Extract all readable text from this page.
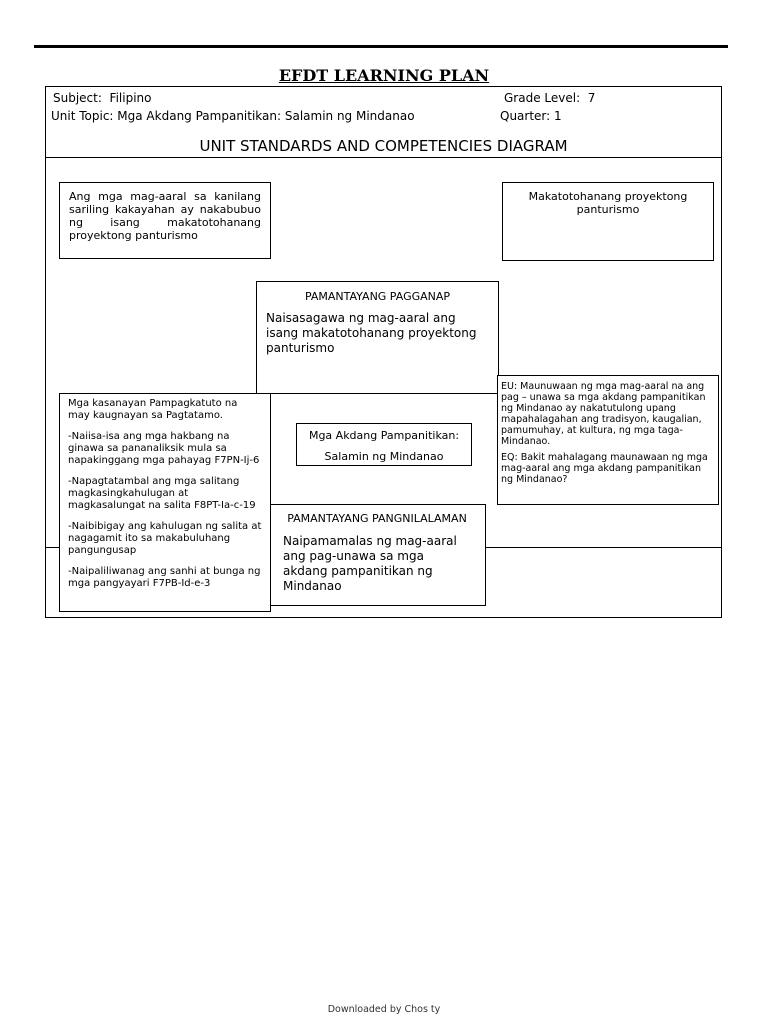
EFDT LEARNING PLAN
Subject: Filipino	Grade Level: 7
Unit Topic: Mga Akdang Pampanitikan: Salamin ng Mindanao	Quarter: 1
UNIT STANDARDS AND COMPETENCIES DIAGRAM

Ang mga mag-aaral sa kanilang sariling kakayahan ay nakabubuo ng isang makatotohanang proyektong panturismo

Makatotohanang proyektong panturismo

PAMANTAYANG PAGGANAP

Naisasagawa ng mag-aaral ang isang makatotohanang proyektong panturismo

EU: Maunuwaan ng mga mag-aaral na ang pag – unawa sa mga akdang pampanitikan ng Mindanao ay nakatutulong upang mapahalagahan ang tradisyon, kaugalian, pamumuhay, at kultura, ng mga taga-Mindanao.

EQ: Bakit mahalagang maunawaan ng mga mag-aaral ang mga akdang pampanitikan ng Mindanao?

Mga Akdang Pampanitikan:

Salamin ng Mindanao

PAMANTAYANG PANGNILALAMAN

Naipamamalas ng mag-aaral ang pag-unawa sa mga akdang pampanitikan ng Mindanao

Mga kasanayan Pampagkatuto na may kaugnayan sa Pagtatamo.

-Naiisa-isa ang mga hakbang na ginawa sa pananaliksik mula sa napakinggang mga pahayag F7PN-Ij-6

-Napagtatambal ang mga salitang magkasingkahulugan at magkasalungat na salita F8PT-Ia-c-19

-Naibibigay ang kahulugan ng salita at nagagamit ito sa makabuluhang pangungusap

-Naipaliliwanag ang sanhi at bunga ng mga pangyayari F7PB-Id-e-3

Downloaded by Chos ty
